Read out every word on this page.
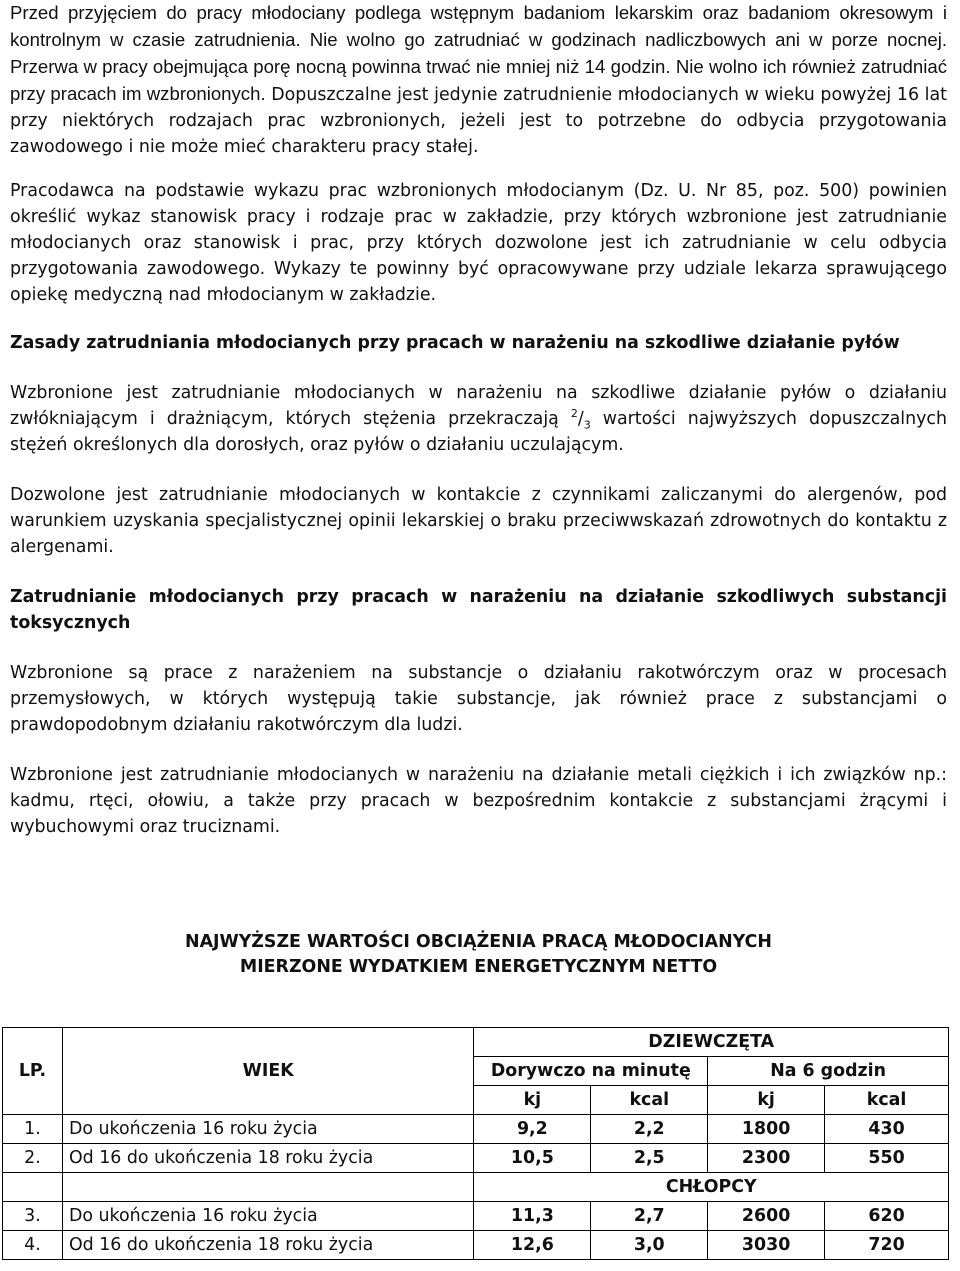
Przed przyjęciem do pracy młodociany podlega wstępnym badaniom lekarskim oraz badaniom okresowym i kontrolnym w czasie zatrudnienia. Nie wolno go zatrudniać w godzinach nadliczbowych ani w porze nocnej. Przerwa w pracy obejmująca porę nocną powinna trwać nie mniej niż 14 godzin. Nie wolno ich również zatrudniać przy pracach im wzbronionych. Dopuszczalne jest jedynie zatrudnienie młodocianych w wieku powyżej 16 lat przy niektórych rodzajach prac wzbronionych, jeżeli jest to potrzebne do odbycia przygotowania zawodowego i nie może mieć charakteru pracy stałej.

Pracodawca na podstawie wykazu prac wzbronionych młodocianym (Dz. U. Nr 85, poz. 500) powinien określić wykaz stanowisk pracy i rodzaje prac w zakładzie, przy których wzbronione jest zatrudnianie młodocianych oraz stanowisk i prac, przy których dozwolone jest ich zatrudnianie w celu odbycia przygotowania zawodowego. Wykazy te powinny być opracowywane przy udziale lekarza sprawującego opiekę medyczną nad młodocianym w zakładzie.

Zasady zatrudniania młodocianych przy pracach w narażeniu na szkodliwe działanie pyłów

Wzbronione jest zatrudnianie młodocianych w narażeniu na szkodliwe działanie pyłów o działaniu zwłókniającym i drażniącym, których stężenia przekraczają $^2/_3$ wartości najwyższych dopuszczalnych stężeń określonych dla dorosłych, oraz pyłów o działaniu uczulającym.

Dozwolone jest zatrudnianie młodocianych w kontakcie z czynnikami zaliczanymi do alergenów, pod warunkiem uzyskania specjalistycznej opinii lekarskiej o braku przeciwwskazań zdrowotnych do kontaktu z alergenami.

Zatrudnianie młodocianych przy pracach w narażeniu na działanie szkodliwych substancji toksycznych

Wzbronione są prace z narażeniem na substancje o działaniu rakotwórczym oraz w procesach przemysłowych, w których występują takie substancje, jak również prace z substancjami o prawdopodobnym działaniu rakotwórczym dla ludzi.

Wzbronione jest zatrudnianie młodocianych w narażeniu na działanie metali ciężkich i ich związków np.: kadmu, rtęci, ołowiu, a także przy pracach w bezpośrednim kontakcie z substancjami żrącymi i wybuchowymi oraz truciznami.

NAJWYŻSZE WARTOŚCI OBCIĄŻENIA PRACĄ MŁODOCIANYCH
MIERZONE WYDATKIEM ENERGETYCZNYM NETTO
LP.	WIEK	DZIEWCZĘTA			
		Dorywczo na minutę		Na 6 godzin	
		kj	kcal	kj	kcal
1.	Do ukończenia 16 roku życia	9,2	2,2	1800	430
2.	Od 16 do ukończenia 18 roku życia	10,5	2,5	2300	550
		CHŁOPCY			
3.	Do ukończenia 16 roku życia	11,3	2,7	2600	620
4.	Od 16 do ukończenia 18 roku życia	12,6	3,0	3030	720
